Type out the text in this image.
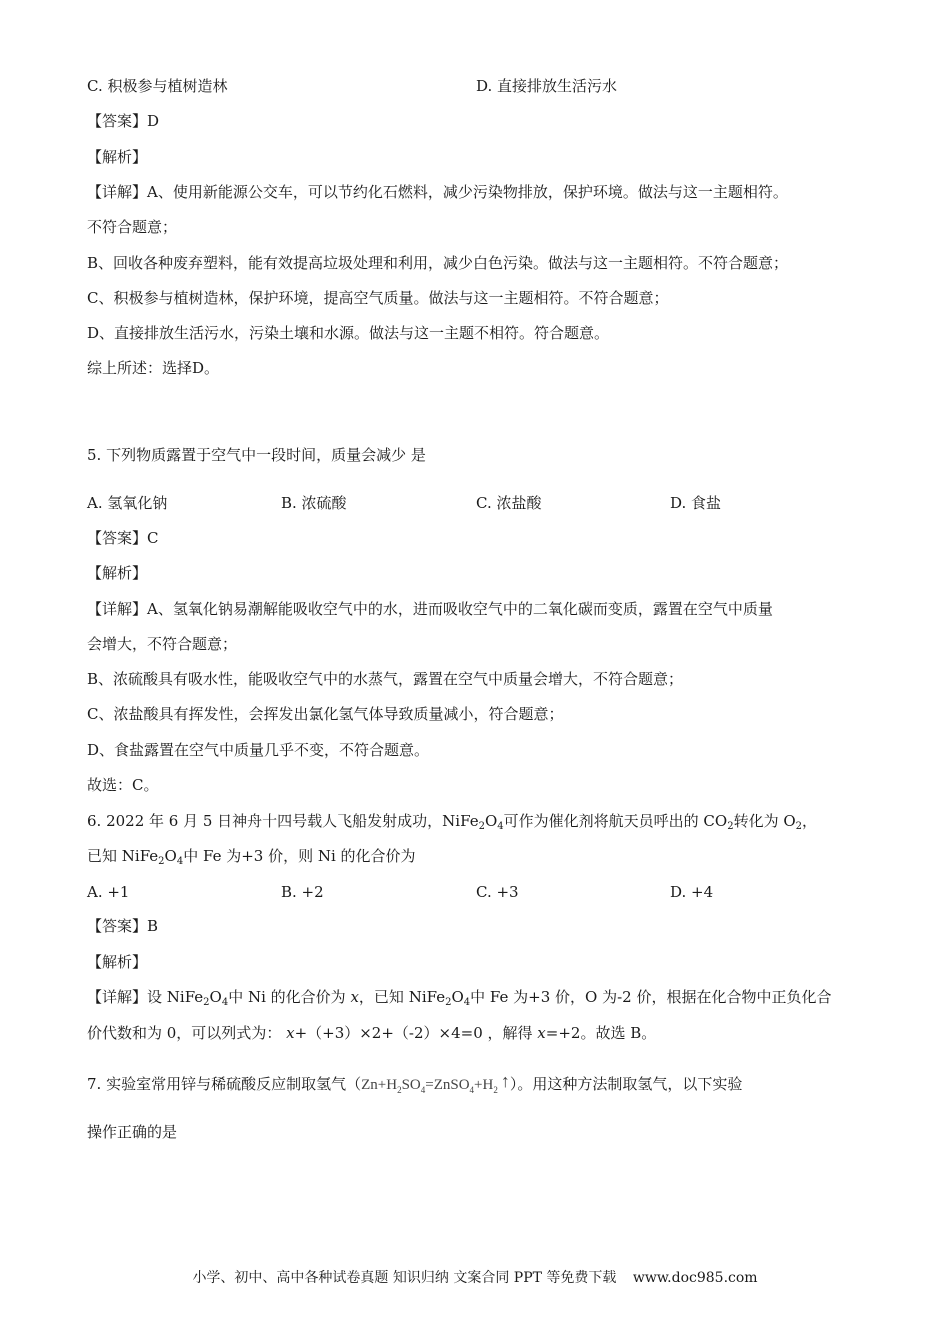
C. 积极参与植树造林	D. 直接排放生活污水
【答案】D
【解析】
【详解】A、使用新能源公交车，可以节约化石燃料，减少污染物排放，保护环境。做法与这一主题相符。
不符合题意；
B、回收各种废弃塑料，能有效提高垃圾处理和利用，减少白色污染。做法与这一主题相符。不符合题意；
C、积极参与植树造林，保护环境，提高空气质量。做法与这一主题相符。不符合题意；
D、直接排放生活污水，污染土壤和水源。做法与这一主题不相符。符合题意。
综上所述：选择D。
5. 下列物质露置于空气中一段时间，质量会减少 是
A. 氢氧化钠	B. 浓硫酸	C. 浓盐酸	D. 食盐
【答案】C
【解析】
【详解】A、氢氧化钠易潮解能吸收空气中的水，进而吸收空气中的二氧化碳而变质，露置在空气中质量
会增大，不符合题意；
B、浓硫酸具有吸水性，能吸收空气中的水蒸气，露置在空气中质量会增大，不符合题意；
C、浓盐酸具有挥发性，会挥发出氯化氢气体导致质量减小，符合题意；
D、食盐露置在空气中质量几乎不变，不符合题意。
故选：C。
6. 2022 年 6 月 5 日神舟十四号载人飞船发射成功，$NiFe_2O_4$可作为催化剂将航天员呼出的 $CO_2$转化为 $O_2$，
已知 $NiFe_2O_4$中 Fe 为+3 价，则 Ni 的化合价为
A. +1	B. +2	C. +3	D. +4
【答案】B
【解析】
【详解】设 $NiFe_2O_4$中 Ni 的化合价为 x，已知 $NiFe_2O_4$中 Fe 为+3 价，O 为-2 价，根据在化合物中正负化合
价代数和为 0，可以列式为： x+（+3）×2+（-2）×4=0 ，解得 x=+2。故选 B。
7. 实验室常用锌与稀硫酸反应制取氢气（$Zn+H_2SO_4=ZnSO_4+H_2$ ↑）。用这种方法制取氢气，以下实验
操作正确的是
小学、初中、高中各种试卷真题 知识归纳 文案合同 PPT 等免费下载 www.doc985.com
